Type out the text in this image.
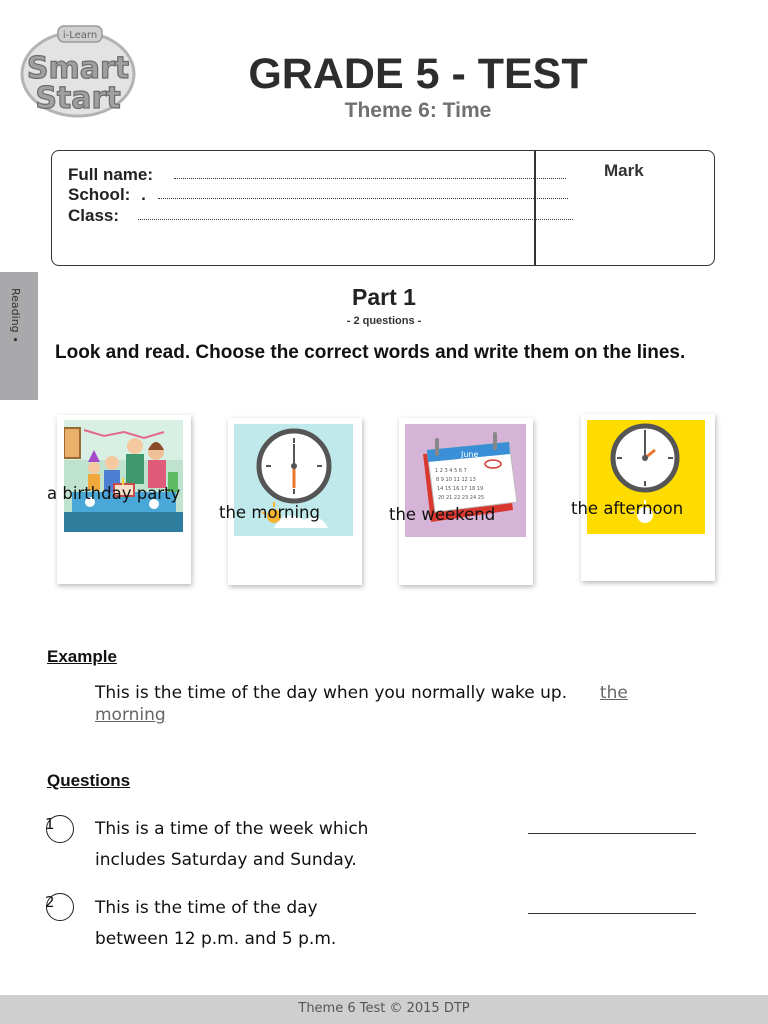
i-Learn
Smart
Start
GRADE 5 - TEST
Theme 6: Time
Full name:
School: .
Class:
Mark
Reading ∙	Part 1
- 2 questions -
Look and read. Choose the correct words and write them on the lines.
a birthday party
the morning
June
1 2 3 4 5 6 7
8 9 10 11 12 13
14 15 16 17 18 19
20 21 22 23 24 25
the weekend	the afternoon
Example
This is the time of the day when you normally wake up. the
morning
Questions
1 This is a time of the week which
includes Saturday and Sunday.
2 This is the time of the day
between 12 p.m. and 5 p.m.
Theme 6 Test © 2015 DTP
